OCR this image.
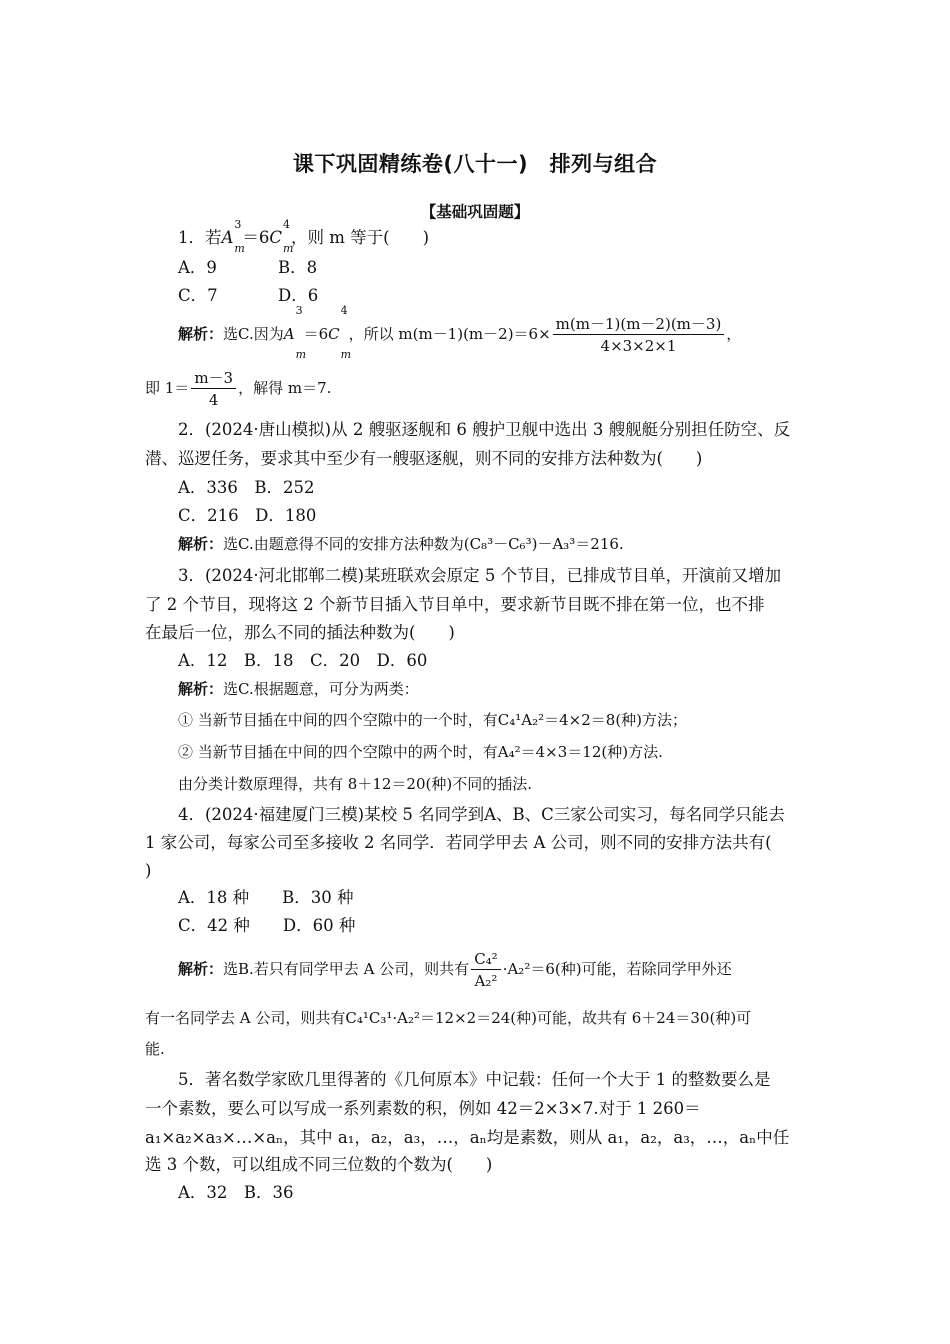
课下巩固精练卷(八十一)　排列与组合
【基础巩固题】
1．若A
3
m
＝6C
4
m
，则 m 等于(　　)
A．9	B．8
C．7	D．6
解析：选C.因为A
3
m
＝6C
4
m
，所以 $m(m-1)(m-2)=6\times \frac{m(m-1)(m-2)(m-3)}{4\times 3\times 2\times 1}$ ，
即 $1= \frac{m-3}{4}$ ，解得 m＝7.
2．(2024·唐山模拟)从 2 艘驱逐舰和 6 艘护卫舰中选出 3 艘舰艇分别担任防空、反
潜、巡逻任务，要求其中至少有一艘驱逐舰，则不同的安排方法种数为(　　)
A．336　B．252
C．216　D．180
解析：选C.由题意得不同的安排方法种数为(C₈³－C₆³)－A₃³＝216.
3．(2024·河北邯郸二模)某班联欢会原定 5 个节目，已排成节目单，开演前又增加
了 2 个节目，现将这 2 个新节目插入节目单中，要求新节目既不排在第一位，也不排
在最后一位，那么不同的插法种数为(　　)
A．12　B．18　C．20　D．60
解析：选C.根据题意，可分为两类：
① 当新节目插在中间的四个空隙中的一个时，有C₄¹A₂²＝4×2＝8(种)方法；
② 当新节目插在中间的四个空隙中的两个时，有A₄²＝4×3＝12(种)方法.
由分类计数原理得，共有 8＋12＝20(种)不同的插法.
4．(2024·福建厦门三模)某校 5 名同学到A、B、C三家公司实习，每名同学只能去
1 家公司，每家公司至多接收 2 名同学．若同学甲去 A 公司，则不同的安排方法共有(
)
A．18 种　　B．30 种
C．42 种　　D．60 种
解析：选B.若只有同学甲去 A 公司，则共有 $\frac{\text{C₄²}}{\text{A₂²}} \cdot A_2^2=6$(种)可能，若除同学甲外还
有一名同学去 A 公司，则共有C₄¹C₃¹·A₂²＝12×2＝24(种)可能，故共有 6＋24＝30(种)可
能.
5．著名数学家欧几里得著的《几何原本》中记载：任何一个大于 1 的整数要么是
一个素数，要么可以写成一系列素数的积，例如 42＝2×3×7.对于 1 260＝
a₁×a₂×a₃×…×aₙ，其中 a₁，a₂，a₃，…，aₙ均是素数，则从 a₁，a₂，a₃，…，aₙ中任
选 3 个数，可以组成不同三位数的个数为(　　)
A．32　B．36
